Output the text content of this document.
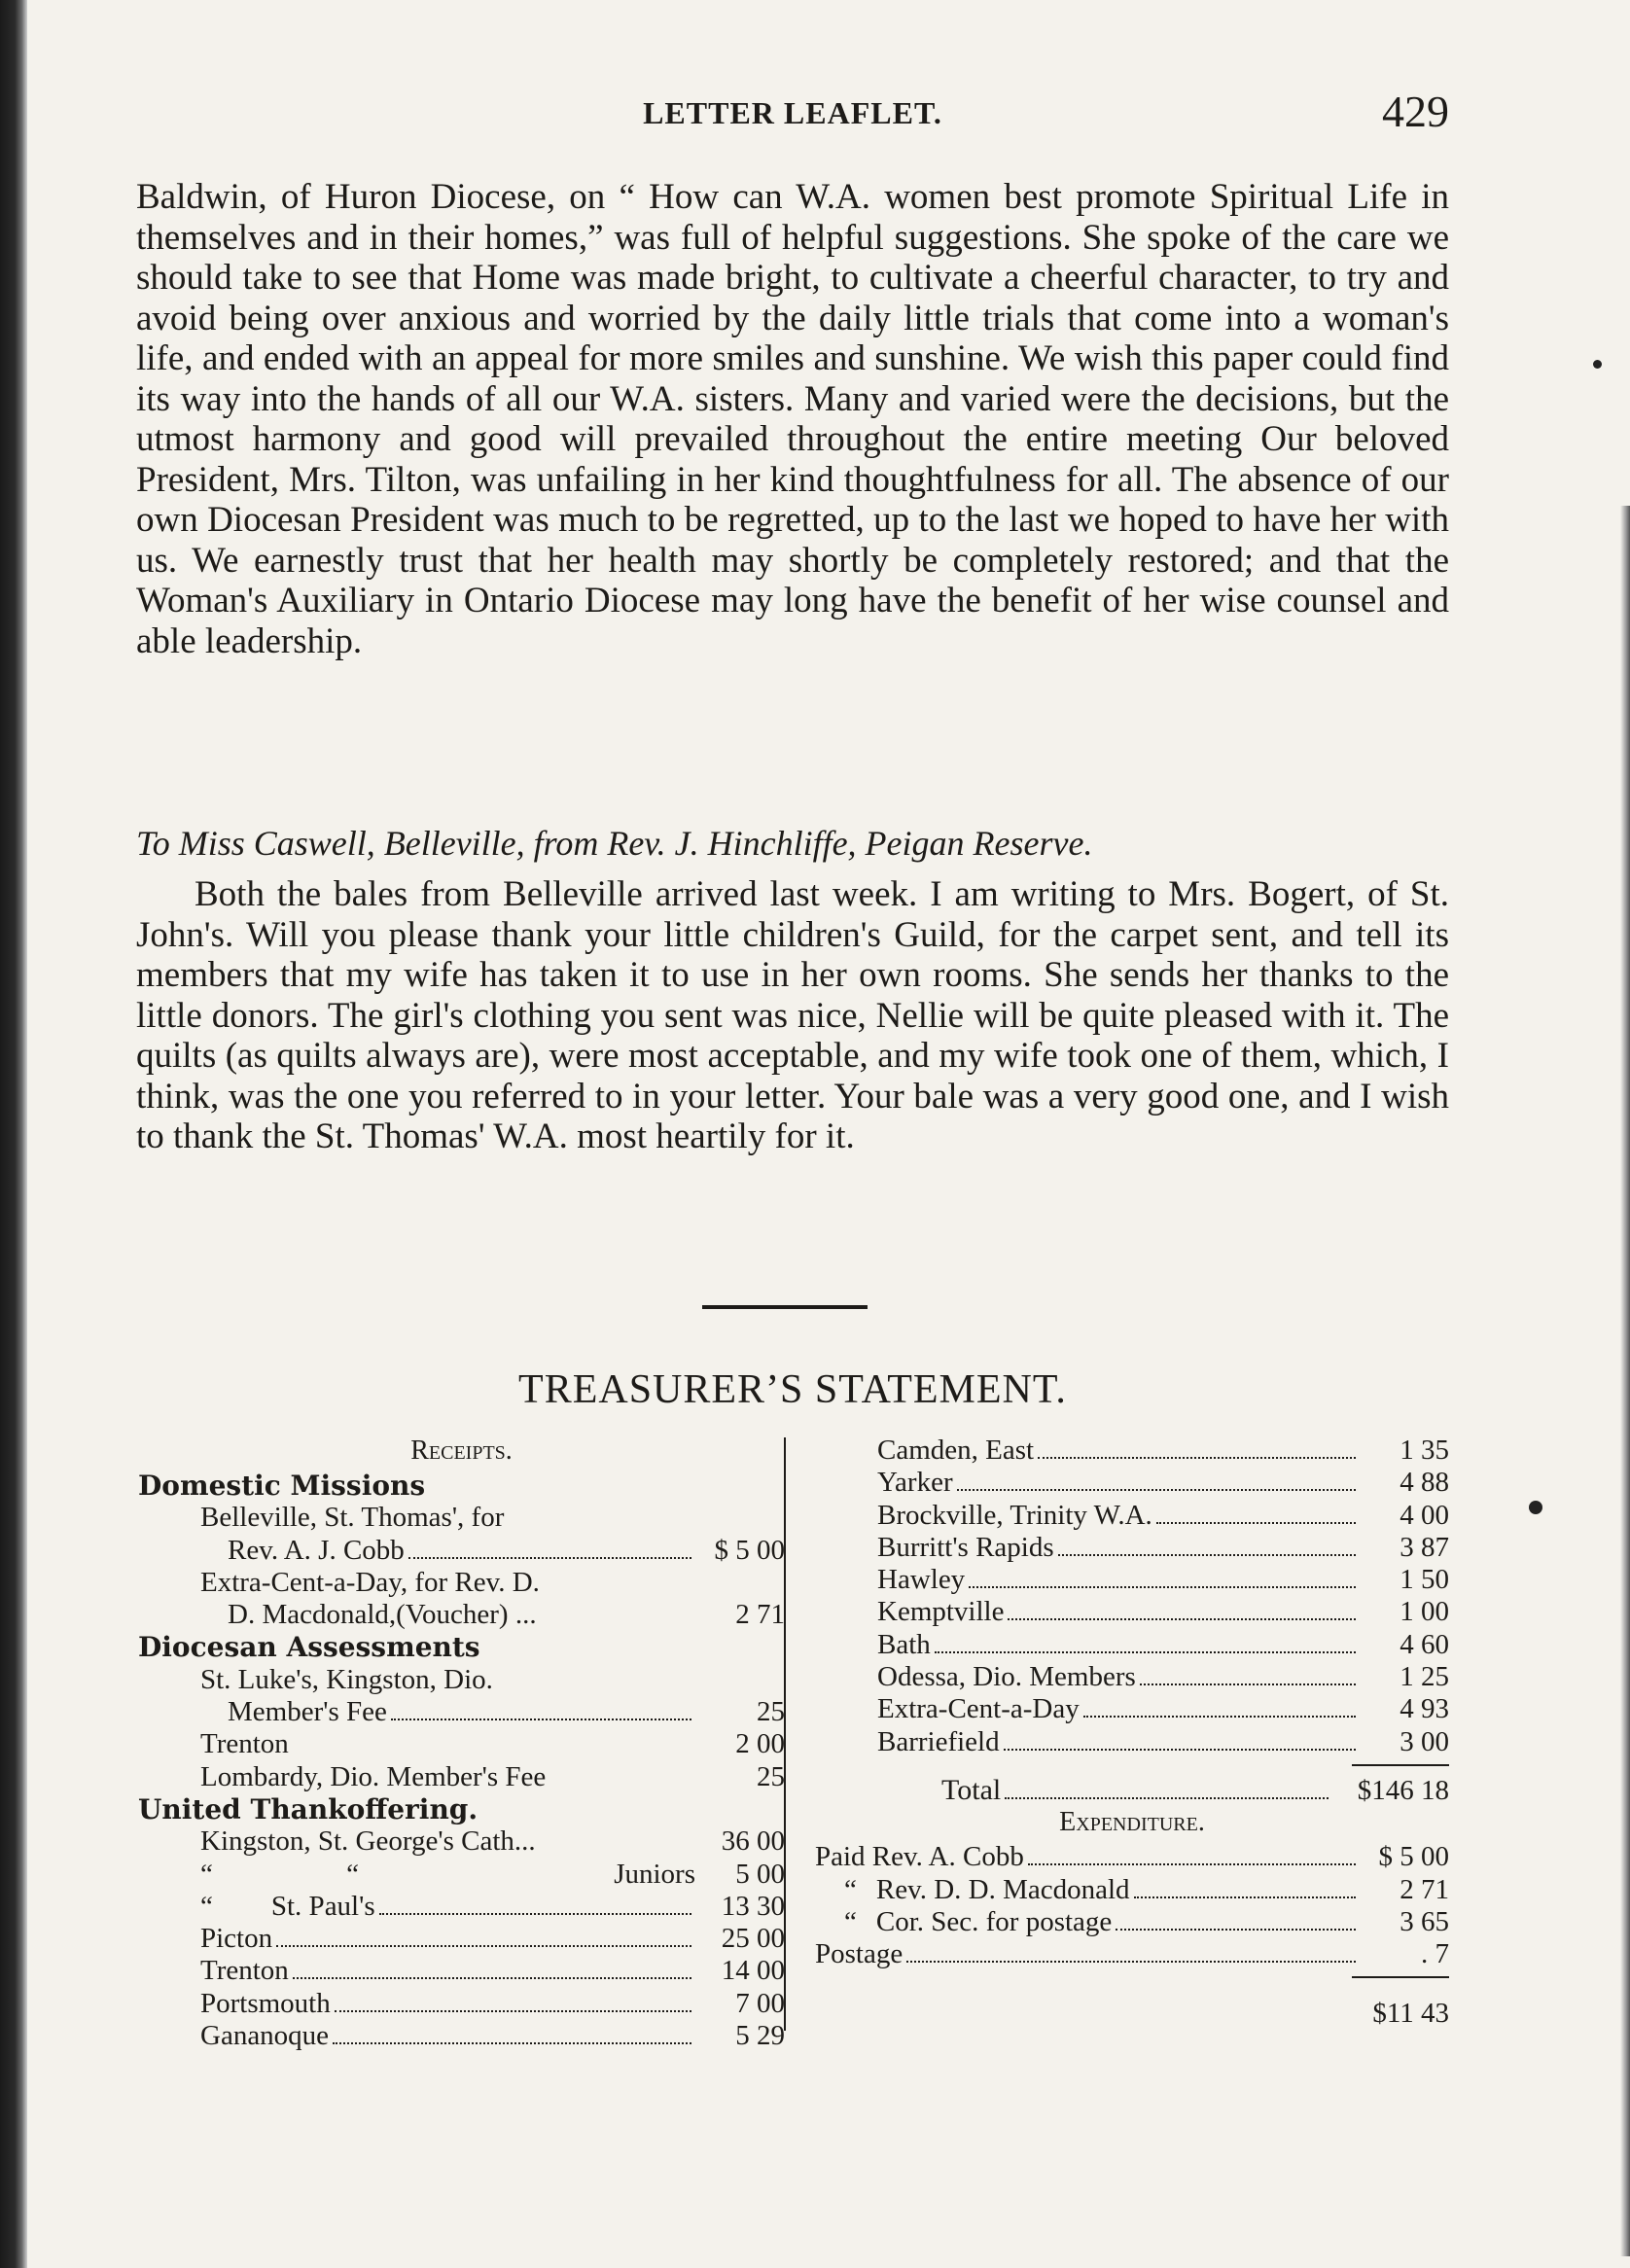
LETTER LEAFLET.	429

Baldwin, of Huron Diocese, on “ How can W.A. women best promote Spiritual Life in themselves and in their homes,” was full of helpful suggestions. She spoke of the care we should take to see that Home was made bright, to cultivate a cheerful character, to try and avoid being over anxious and worried by the daily little trials that come into a woman's life, and ended with an appeal for more smiles and sunshine. We wish this paper could find its way into the hands of all our W.A. sisters. Many and varied were the decisions, but the utmost harmony and good will prevailed throughout the entire meeting Our beloved President, Mrs. Tilton, was unfailing in her kind thoughtfulness for all. The absence of our own Diocesan President was much to be regretted, up to the last we hoped to have her with us. We earnestly trust that her health may shortly be completely restored; and that the Woman's Auxiliary in Ontario Diocese may long have the benefit of her wise counsel and able leadership.

To Miss Caswell, Belleville, from Rev. J. Hinchliffe, Peigan Reserve.

Both the bales from Belleville arrived last week. I am writing to Mrs. Bogert, of St. John's. Will you please thank your little children's Guild, for the carpet sent, and tell its members that my wife has taken it to use in her own rooms. She sends her thanks to the little donors. The girl's clothing you sent was nice, Nellie will be quite pleased with it. The quilts (as quilts always are), were most acceptable, and my wife took one of them, which, I think, was the one you referred to in your letter. Your bale was a very good one, and I wish to thank the St. Thomas' W.A. most heartily for it.

TREASURER’S STATEMENT.
Receipts.
Domestic Missions
Belleville, St. Thomas', for
Rev. A. J. Cobb	$ 5 00
Extra-Cent-a-Day, for Rev. D.
D. Macdonald,(Voucher) ...	2 71
Diocesan Assessments
St. Luke's, Kingston, Dio.
Member's Fee	25
Trenton	2 00
Lombardy, Dio. Member's Fee	25
United Thankoffering.
Kingston, St. George's Cath...	36 00
“ “	Juniors	5 00
“	St. Paul's	13 30
Picton	25 00
Trenton	14 00
Portsmouth	7 00
Gananoque	5 29
Camden, East	1 35
Yarker	4 88
Brockville, Trinity W.A.	4 00
Burritt's Rapids	3 87
Hawley	1 50
Kemptville	1 00
Bath	4 60
Odessa, Dio. Members	1 25
Extra-Cent-a-Day	4 93
Barriefield	3 00
Total	$146 18
Expenditure.
Paid Rev. A. Cobb	$ 5 00
“ Rev. D. D. Macdonald	2 71
“ Cor. Sec. for postage	3 65
Postage	. 7
$11 43
